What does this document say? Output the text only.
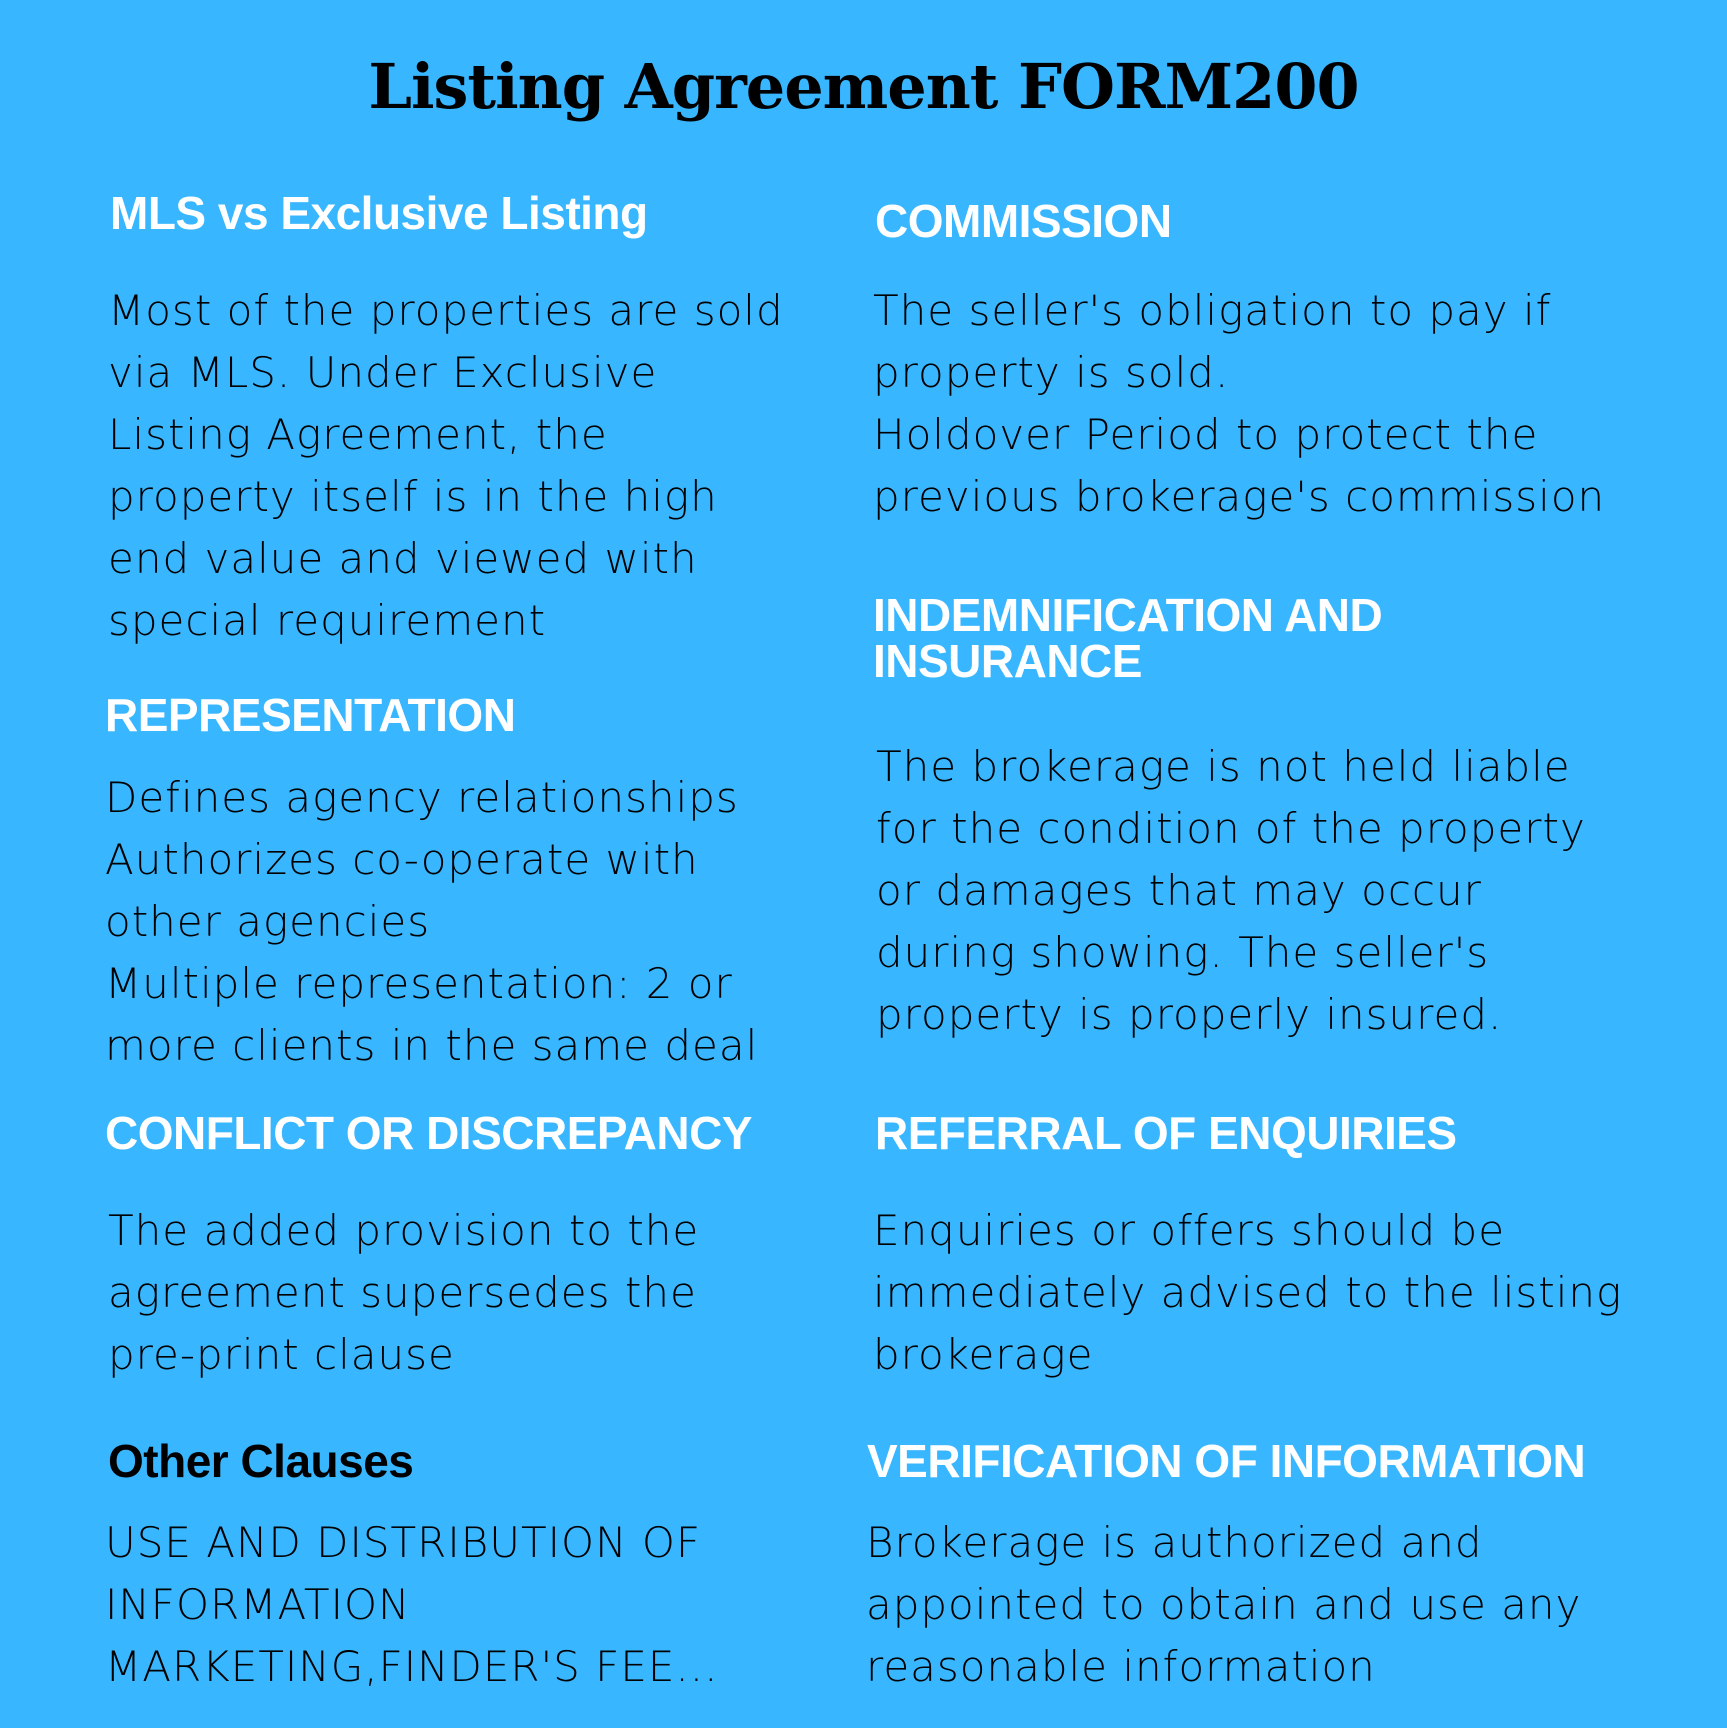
Listing Agreement FORM200
MLS vs Exclusive Listing
Most of the properties are sold
via MLS. Under Exclusive
Listing Agreement, the
property itself is in the high
end value and viewed with
special requirement
REPRESENTATION
Defines agency relationships
Authorizes co-operate with
other agencies
Multiple representation: 2 or
more clients in the same deal
CONFLICT OR DISCREPANCY
The added provision to the
agreement supersedes the
pre-print clause
Other Clauses
USE AND DISTRIBUTION OF
INFORMATION
MARKETING,FINDER'S FEE...
COMMISSION
The seller's obligation to pay if
property is sold.
Holdover Period to protect the
previous brokerage's commission
INDEMNIFICATION AND
INSURANCE
The brokerage is not held liable
for the condition of the property
or damages that may occur
during showing. The seller's
property is properly insured.
REFERRAL OF ENQUIRIES
Enquiries or offers should be
immediately advised to the listing
brokerage
VERIFICATION OF INFORMATION
Brokerage is authorized and
appointed to obtain and use any
reasonable information
